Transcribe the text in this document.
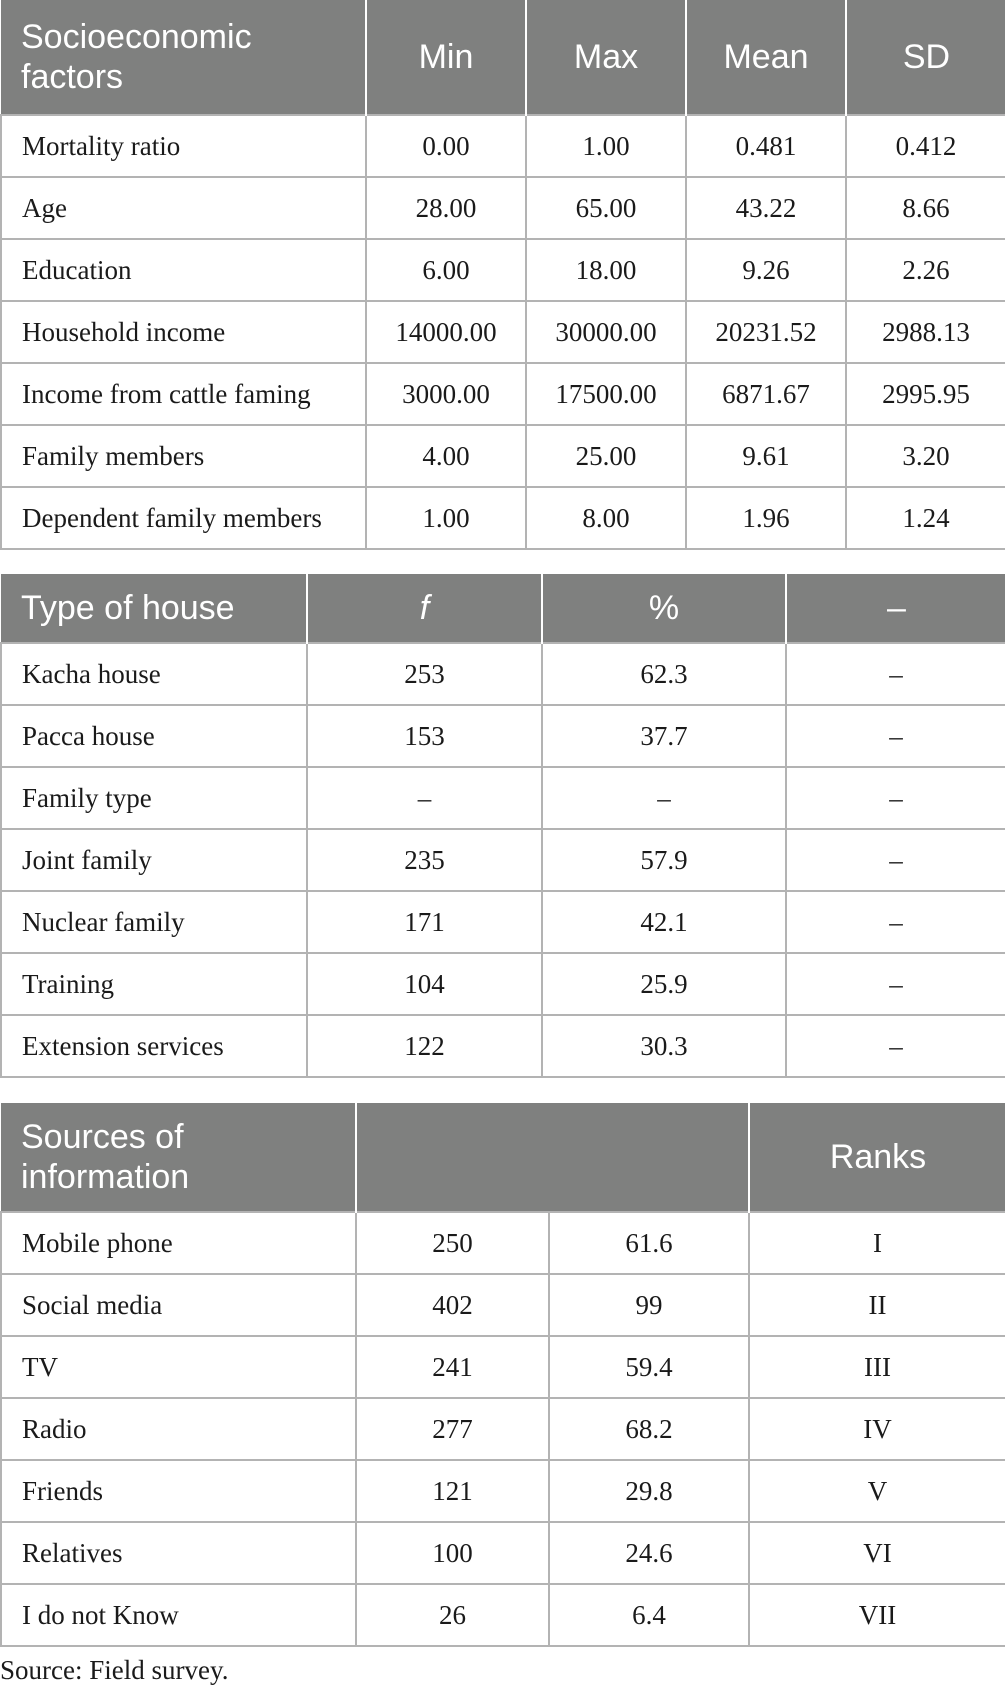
Socioeconomic factors	Min	Max	Mean	SD
Mortality ratio	0.00	1.00	0.481	0.412
Age	28.00	65.00	43.22	8.66
Education	6.00	18.00	9.26	2.26
Household income	14000.00	30000.00	20231.52	2988.13
Income from cattle faming	3000.00	17500.00	6871.67	2995.95
Family members	4.00	25.00	9.61	3.20
Dependent family members	1.00	8.00	1.96	1.24
Type of house	f	%	–
Kacha house	253	62.3	–
Pacca house	153	37.7	–
Family type	–	–	–
Joint family	235	57.9	–
Nuclear family	171	42.1	–
Training	104	25.9	–
Extension services	122	30.3	–
Sources of information			Ranks
Mobile phone	250	61.6	I
Social media	402	99	II
TV	241	59.4	III
Radio	277	68.2	IV
Friends	121	29.8	V
Relatives	100	24.6	VI
I do not Know	26	6.4	VII
Source: Field survey.
